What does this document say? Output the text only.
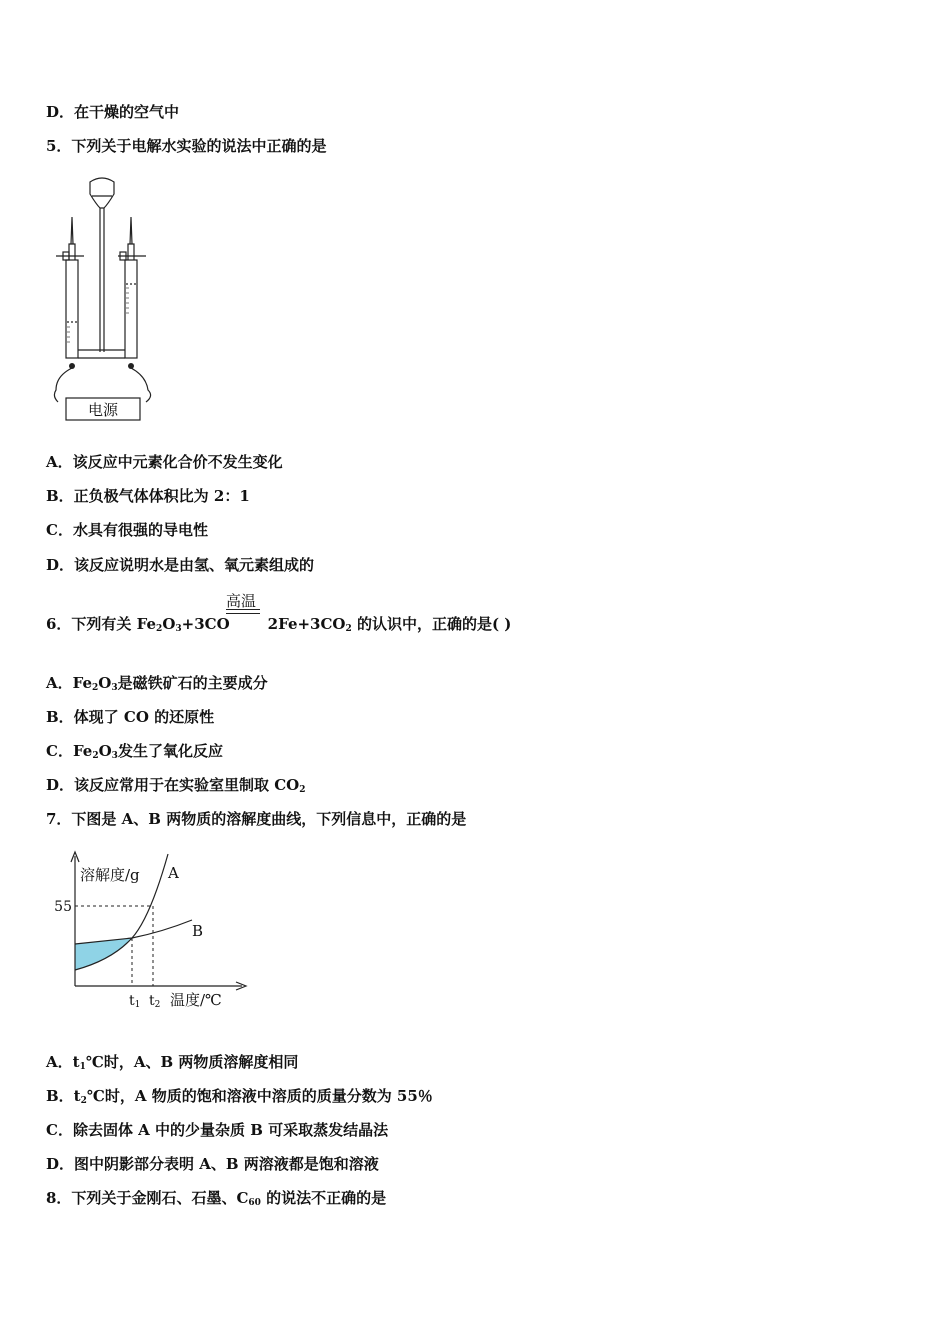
D．在干燥的空气中
5．下列关于电解水实验的说法中正确的是
电源
A．该反应中元素化合价不发生变化
B．正负极气体体积比为 2：1
C．水具有很强的导电性
D．该反应说明水是由氢、氧元素组成的
高温
6．下列有关 $Fe_2O_3+3CO$	$2Fe+3CO_2$ 的认识中，正确的是( )
A．$Fe_2O_3$是磁铁矿石的主要成分
B．体现了 CO 的还原性
C．$Fe_2O_3$发生了氧化反应
D．该反应常用于在实验室里制取 $CO_2$
7．下图是 A、B 两物质的溶解度曲线，下列信息中，正确的是
溶解度/g A
B
55
t1 t2 温度/℃
A．$t_1℃$时，A、B 两物质溶解度相同
B．$t_2℃$时，A 物质的饱和溶液中溶质的质量分数为 55％
C．除去固体 A 中的少量杂质 B 可采取蒸发结晶法
D．图中阴影部分表明 A、B 两溶液都是饱和溶液
8．下列关于金刚石、石墨、$C_{60}$ 的说法不正确的是
